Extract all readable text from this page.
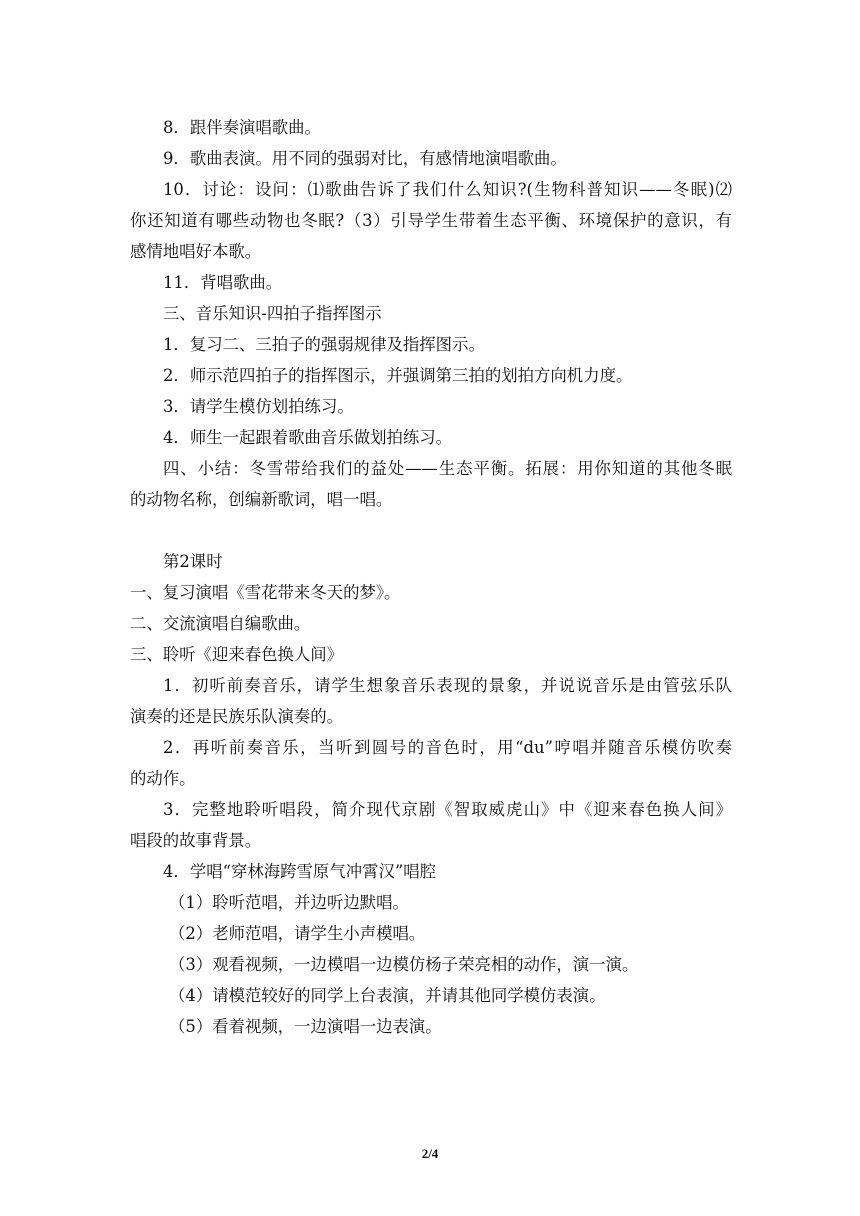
8．跟伴奏演唱歌曲。
9．歌曲表演。用不同的强弱对比，有感情地演唱歌曲。
10．讨论：设问：⑴歌曲告诉了我们什么知识?(生物科普知识——冬眠)⑵
你还知道有哪些动物也冬眠?（3）引导学生带着生态平衡、环境保护的意识，有
感情地唱好本歌。
11．背唱歌曲。
三、音乐知识-四拍子指挥图示
1．复习二、三拍子的强弱规律及指挥图示。
2．师示范四拍子的指挥图示，并强调第三拍的划拍方向机力度。
3．请学生模仿划拍练习。
4．师生一起跟着歌曲音乐做划拍练习。
四、小结：冬雪带给我们的益处——生态平衡。拓展：用你知道的其他冬眠
的动物名称，创编新歌词，唱一唱。
第2课时
一、复习演唱《雪花带来冬天的梦》。
二、交流演唱自编歌曲。
三、聆听《迎来春色换人间》
1．初听前奏音乐，请学生想象音乐表现的景象，并说说音乐是由管弦乐队
演奏的还是民族乐队演奏的。
2．再听前奏音乐，当听到圆号的音色时，用“du”哼唱并随音乐模仿吹奏
的动作。
3．完整地聆听唱段，简介现代京剧《智取威虎山》中《迎来春色换人间》
唱段的故事背景。
4．学唱“穿林海跨雪原气冲霄汉”唱腔
（1）聆听范唱，并边听边默唱。
（2）老师范唱，请学生小声模唱。
（3）观看视频，一边模唱一边模仿杨子荣亮相的动作，演一演。
（4）请模范较好的同学上台表演，并请其他同学模仿表演。
（5）看着视频，一边演唱一边表演。
2/4
